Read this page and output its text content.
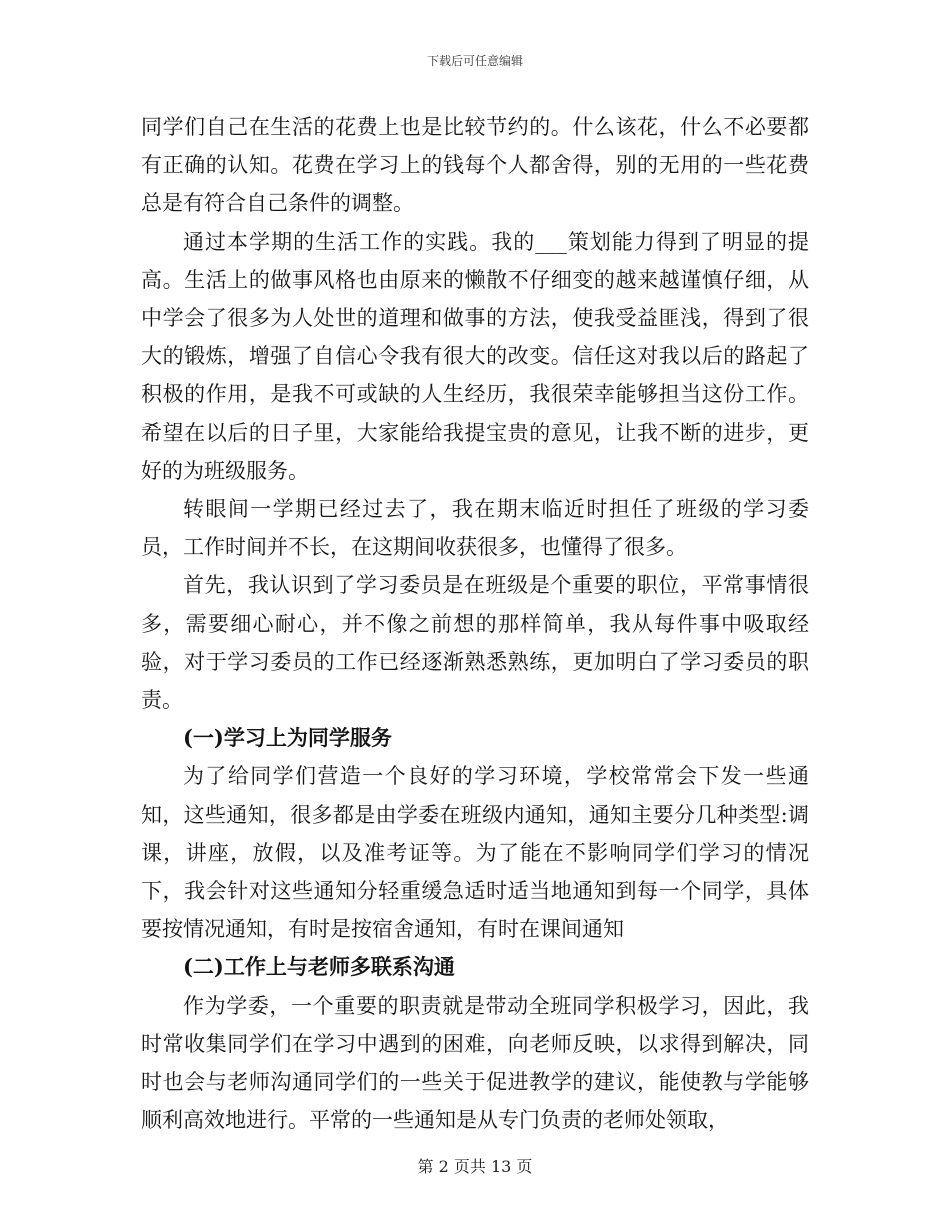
下载后可任意编辑

同学们自己在生活的花费上也是比较节约的。什么该花，什么不必要都有正确的认知。花费在学习上的钱每个人都舍得，别的无用的一些花费总是有符合自己条件的调整。

通过本学期的生活工作的实践。我的___策划能力得到了明显的提高。生活上的做事风格也由原来的懒散不仔细变的越来越谨慎仔细，从中学会了很多为人处世的道理和做事的方法，使我受益匪浅，得到了很大的锻炼，增强了自信心令我有很大的改变。信任这对我以后的路起了积极的作用，是我不可或缺的人生经历，我很荣幸能够担当这份工作。希望在以后的日子里，大家能给我提宝贵的意见，让我不断的进步，更好的为班级服务。

转眼间一学期已经过去了，我在期末临近时担任了班级的学习委员，工作时间并不长，在这期间收获很多，也懂得了很多。

首先，我认识到了学习委员是在班级是个重要的职位，平常事情很多，需要细心耐心，并不像之前想的那样简单，我从每件事中吸取经验，对于学习委员的工作已经逐渐熟悉熟练，更加明白了学习委员的职责。

(一)学习上为同学服务

为了给同学们营造一个良好的学习环境，学校常常会下发一些通知，这些通知，很多都是由学委在班级内通知，通知主要分几种类型:调课，讲座，放假，以及准考证等。为了能在不影响同学们学习的情况下，我会针对这些通知分轻重缓急适时适当地通知到每一个同学，具体要按情况通知，有时是按宿舍通知，有时在课间通知

(二)工作上与老师多联系沟通

作为学委，一个重要的职责就是带动全班同学积极学习，因此，我时常收集同学们在学习中遇到的困难，向老师反映，以求得到解决，同时也会与老师沟通同学们的一些关于促进教学的建议，能使教与学能够顺利高效地进行。平常的一些通知是从专门负责的老师处领取，

第 2 页共 13 页
